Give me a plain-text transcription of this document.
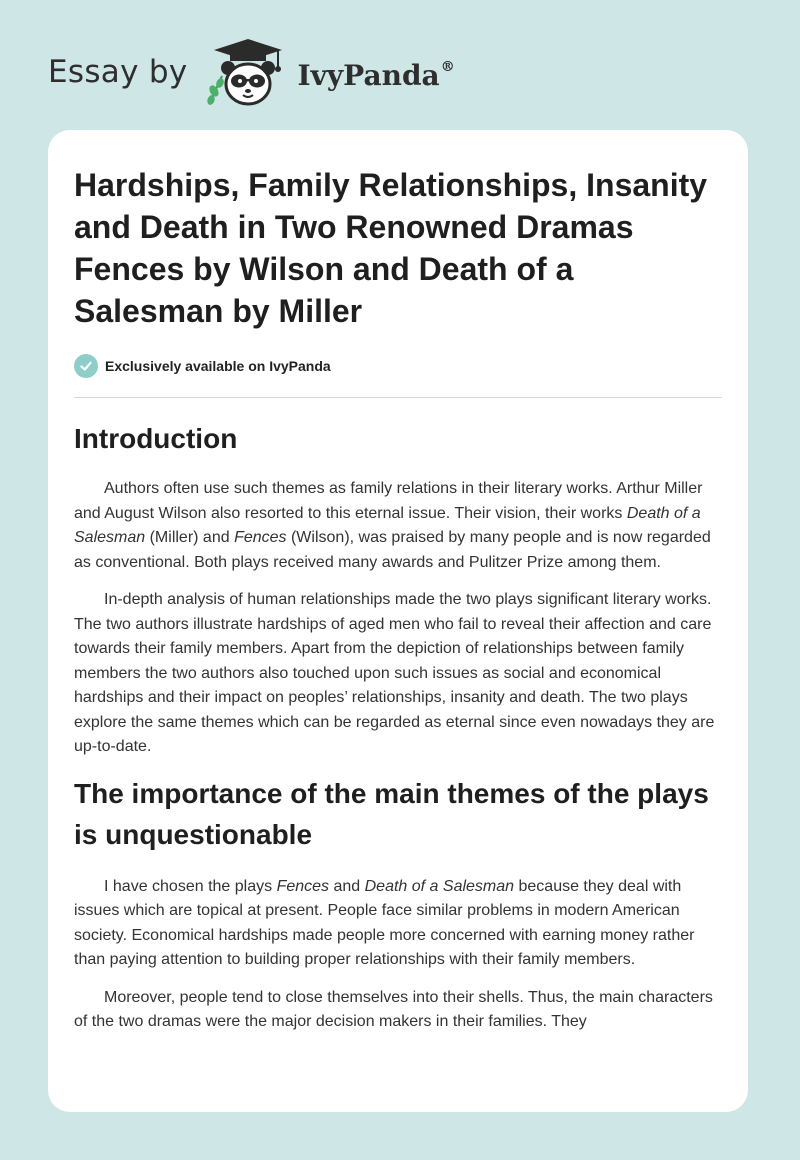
Essay by	IvyPanda®
Hardships, Family Relationships, Insanity and Death in Two Renowned Dramas Fences by Wilson and Death of a Salesman by Miller
Exclusively available on IvyPanda
Introduction

Authors often use such themes as family relations in their literary works. Arthur Miller and August Wilson also resorted to this eternal issue. Their vision, their works Death of a Salesman (Miller) and Fences (Wilson), was praised by many people and is now regarded as conventional. Both plays received many awards and Pulitzer Prize among them.

In-depth analysis of human relationships made the two plays significant literary works. The two authors illustrate hardships of aged men who fail to reveal their affection and care towards their family members. Apart from the depiction of relationships between family members the two authors also touched upon such issues as social and economical hardships and their impact on peoples’ relationships, insanity and death. The two plays explore the same themes which can be regarded as eternal since even nowadays they are up-to-date.

The importance of the main themes of the plays is unquestionable

I have chosen the plays Fences and Death of a Salesman because they deal with issues which are topical at present. People face similar problems in modern American society. Economical hardships made people more concerned with earning money rather than paying attention to building proper relationships with their family members.

Moreover, people tend to close themselves into their shells. Thus, the main characters of the two dramas were the major decision makers in their families. They
